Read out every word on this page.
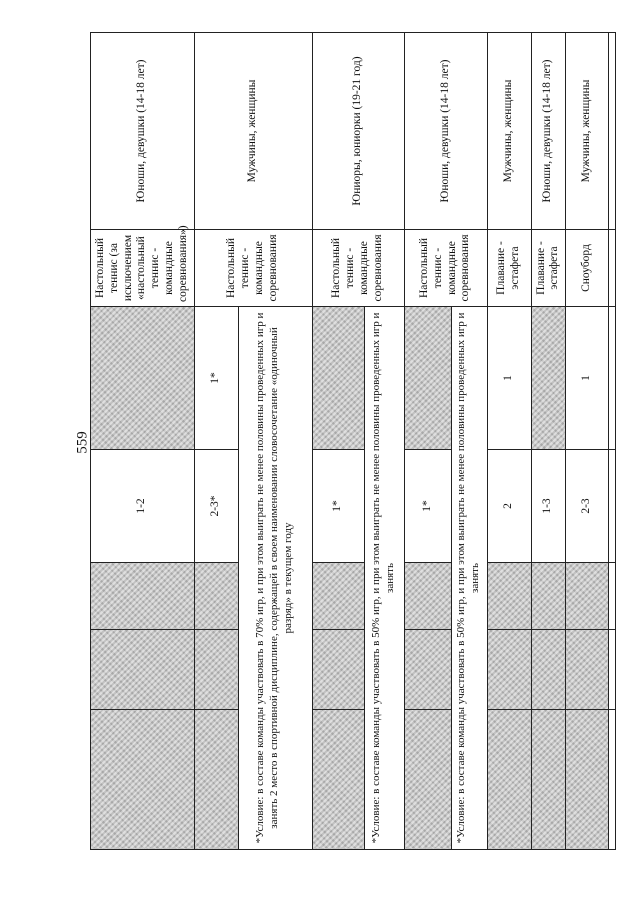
559
			1-2		Настольный теннис (за исключением «настольный теннис - командные соревнования»)	Юноши, девушки (14-18 лет)
			2-3*	1*	Настольный теннис - командные соревнования	Мужчины, женщины
*Условие: в составе команды участвовать в 70% игр, и при этом выиграть не менее половины проведенных игр и занять 2 место в спортивной дисциплине, содержащей в своем наименовании словосочетание «одиночный разряд» в текущем году						
			1*		Настольный теннис - командные соревнования	Юниоры, юниорки (19-21 год)
*Условие: в составе команды участвовать в 50% игр, и при этом выиграть не менее половины проведенных игр и занять						
			1*		Настольный теннис - командные соревнования	Юноши, девушки (14-18 лет)
*Условие: в составе команды участвовать в 50% игр, и при этом выиграть не менее половины проведенных игр и занять						
			2	1	Плавание - эстафета	Мужчины, женщины
			1-3		Плавание - эстафета	Юноши, девушки (14-18 лет)
			2-3	1	Сноуборд	Мужчины, женщины
